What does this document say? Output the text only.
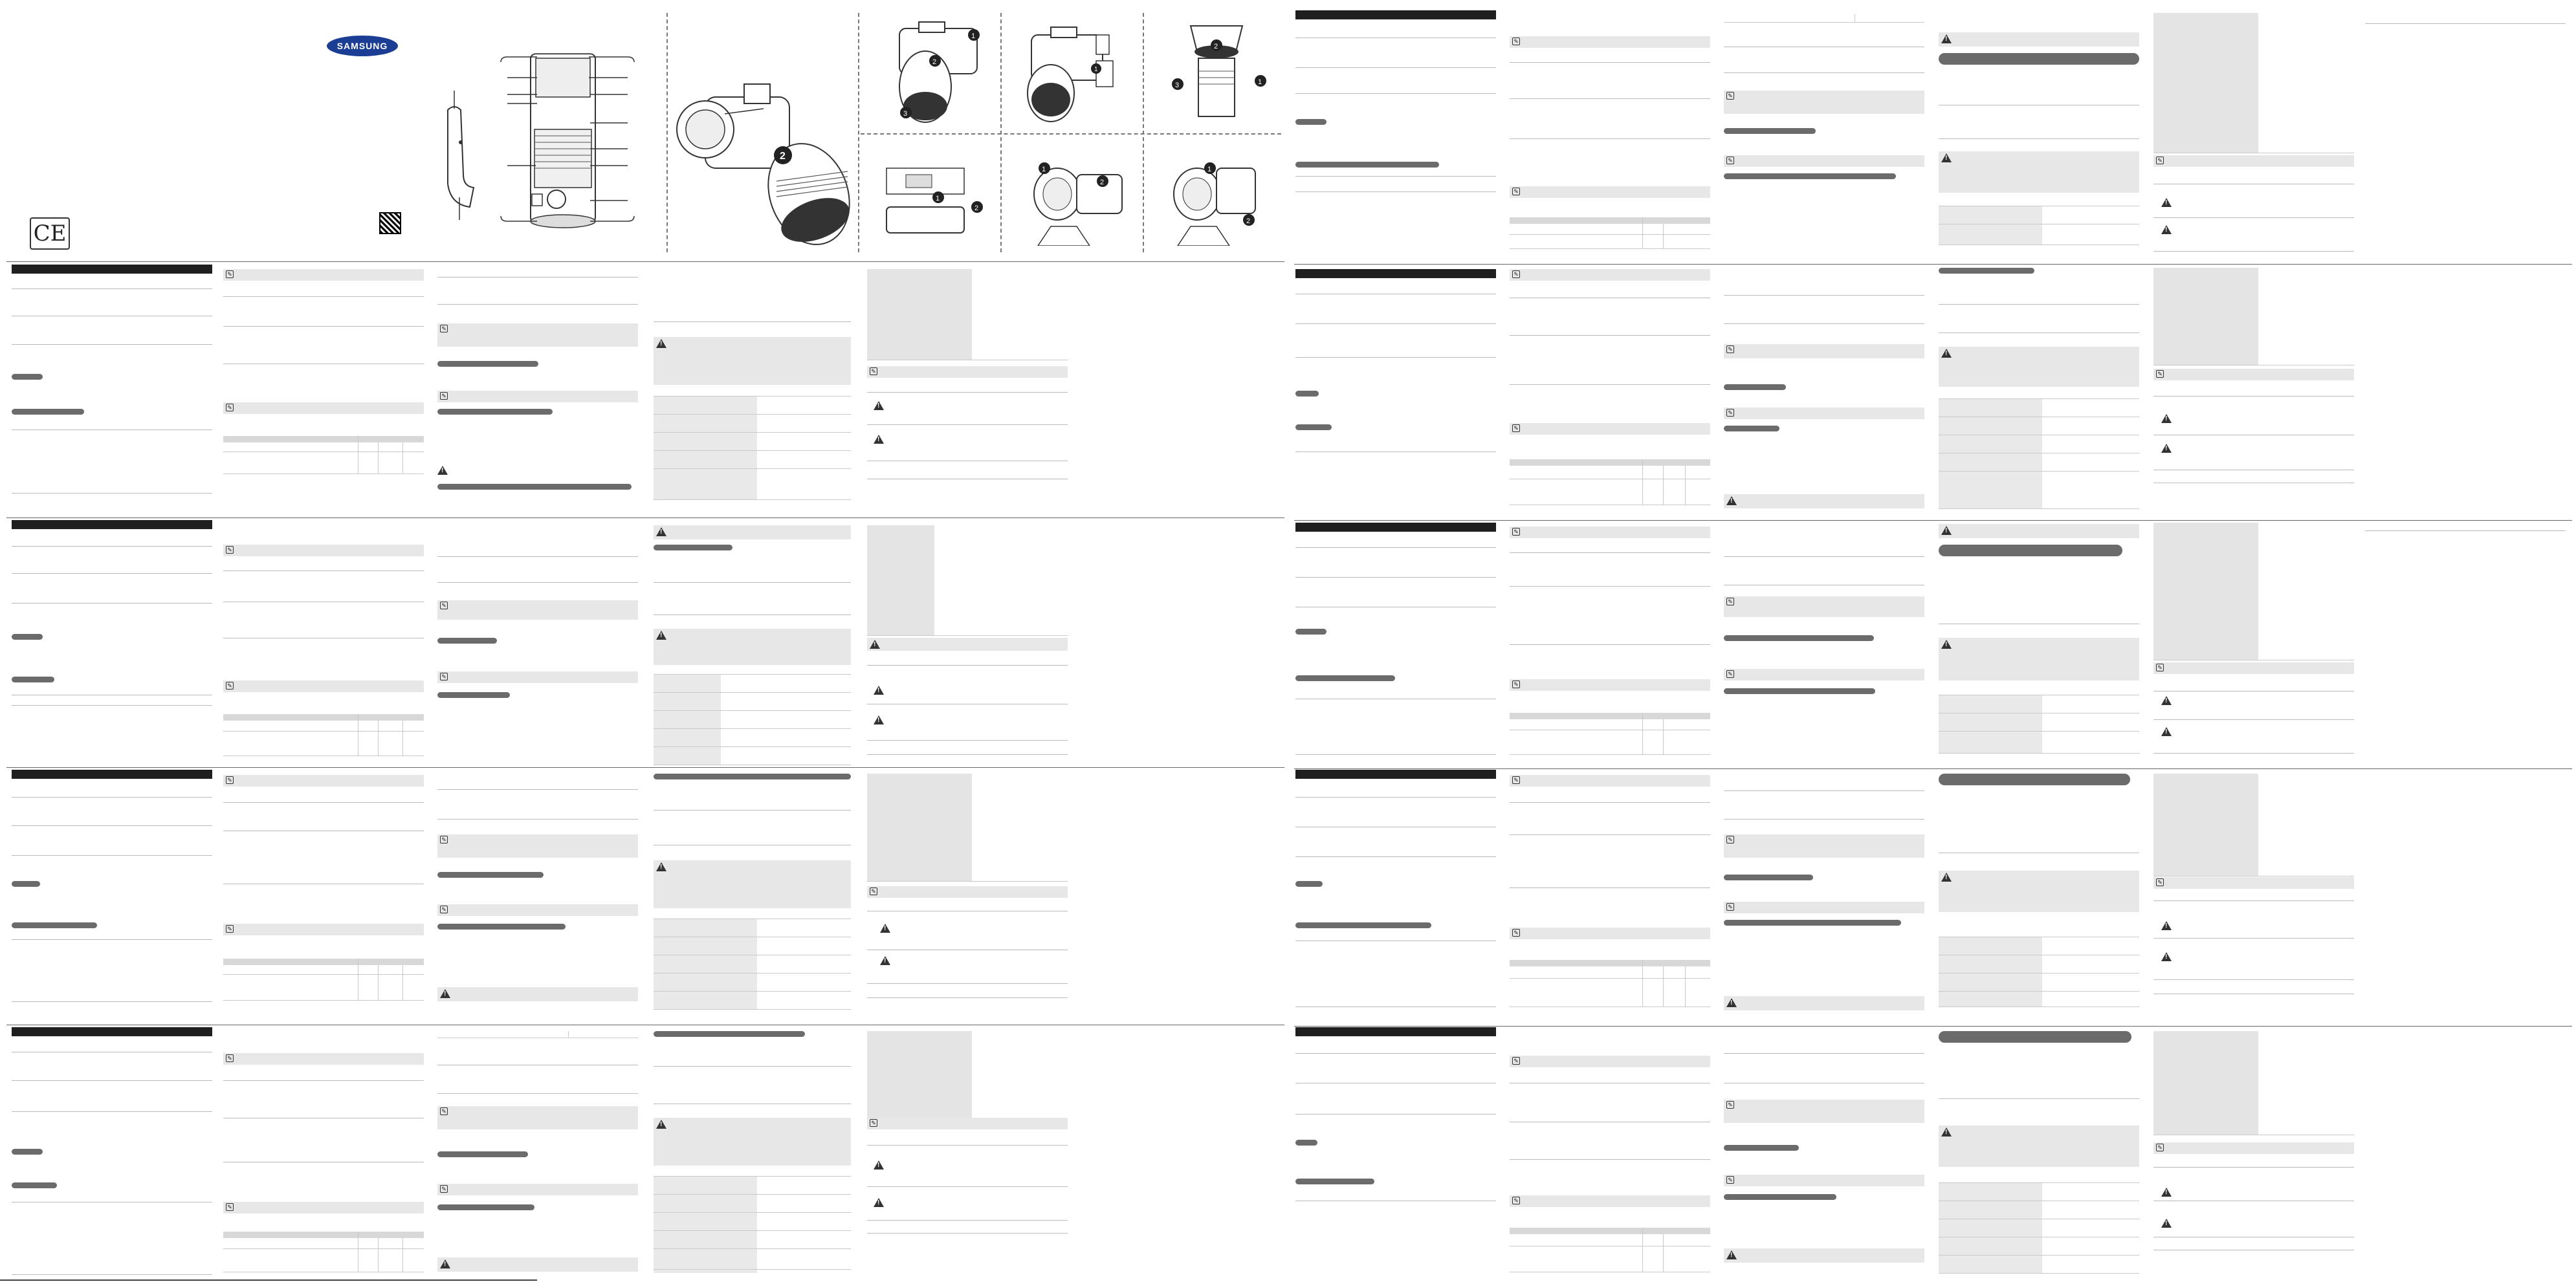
SAMSUNG
CE
2
1
2
3
1
2
3	1
1
2
1
2
1
2
✎
✎
✎
✎
!
!
✎
!
!
✎
✎
✎
✎
!
!
!
!
!
✎
✎
✎
✎
!
!
✎
!
!
✎
✎
✎
✎
!
!
✎
!
!
✎
✎
✎
✎
!
!	✎
!
!
✎
✎
✎
✎
!
!
✎
!
!
✎
✎
✎
✎
!
!
✎
!
!
✎
✎
✎
✎
!
!
✎
!
!
✎
✎
✎
✎
!
!
✎
!
!
